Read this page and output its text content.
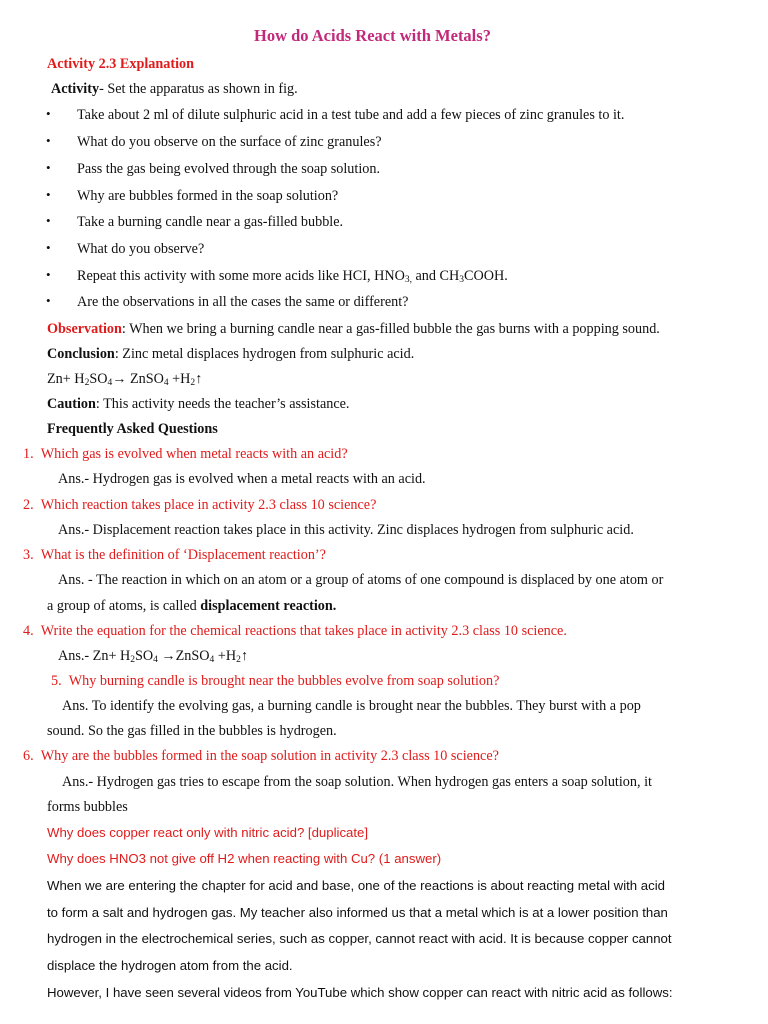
How do Acids React with Metals?
Activity 2.3 Explanation
Activity- Set the apparatus as shown in fig.
• Take about 2 ml of dilute sulphuric acid in a test tube and add a few pieces of zinc granules to it.
• What do you observe on the surface of zinc granules?
• Pass the gas being evolved through the soap solution.
• Why are bubbles formed in the soap solution?
• Take a burning candle near a gas-filled bubble.
• What do you observe?
• Repeat this activity with some more acids like HCI, $HNO_{3,}$ and $CH_3COOH$.
• Are the observations in all the cases the same or different?
Observation: When we bring a burning candle near a gas-filled bubble the gas burns with a popping sound.
Conclusion: Zinc metal displaces hydrogen from sulphuric acid.
$Zn+ H_2SO_4\to$ ZnSO$_4$ $+H_2↑$
Caution: This activity needs the teacher’s assistance.
Frequently Asked Questions
1. Which gas is evolved when metal reacts with an acid?
Ans.- Hydrogen gas is evolved when a metal reacts with an acid.
2. Which reaction takes place in activity 2.3 class 10 science?
Ans.- Displacement reaction takes place in this activity. Zinc displaces hydrogen from sulphuric acid.
3. What is the definition of ‘Displacement reaction’?
Ans. - The reaction in which on an atom or a group of atoms of one compound is displaced by one atom or
a group of atoms, is called displacement reaction.
4. Write the equation for the chemical reactions that takes place in activity 2.3 class 10 science.
Ans.- $Zn+ H_2SO_4$ →ZnSO$_4$ $+H_2↑$
5. Why burning candle is brought near the bubbles evolve from soap solution?
Ans. To identify the evolving gas, a burning candle is brought near the bubbles. They burst with a pop
sound. So the gas filled in the bubbles is hydrogen.
6. Why are the bubbles formed in the soap solution in activity 2.3 class 10 science?
Ans.- Hydrogen gas tries to escape from the soap solution. When hydrogen gas enters a soap solution, it
forms bubbles
Why does copper react only with nitric acid? [duplicate]
Why does HNO3 not give off H2 when reacting with Cu? (1 answer)
When we are entering the chapter for acid and base, one of the reactions is about reacting metal with acid
to form a salt and hydrogen gas. My teacher also informed us that a metal which is at a lower position than
hydrogen in the electrochemical series, such as copper, cannot react with acid. It is because copper cannot
displace the hydrogen atom from the acid.
However, I have seen several videos from YouTube which show copper can react with nitric acid as follows:
